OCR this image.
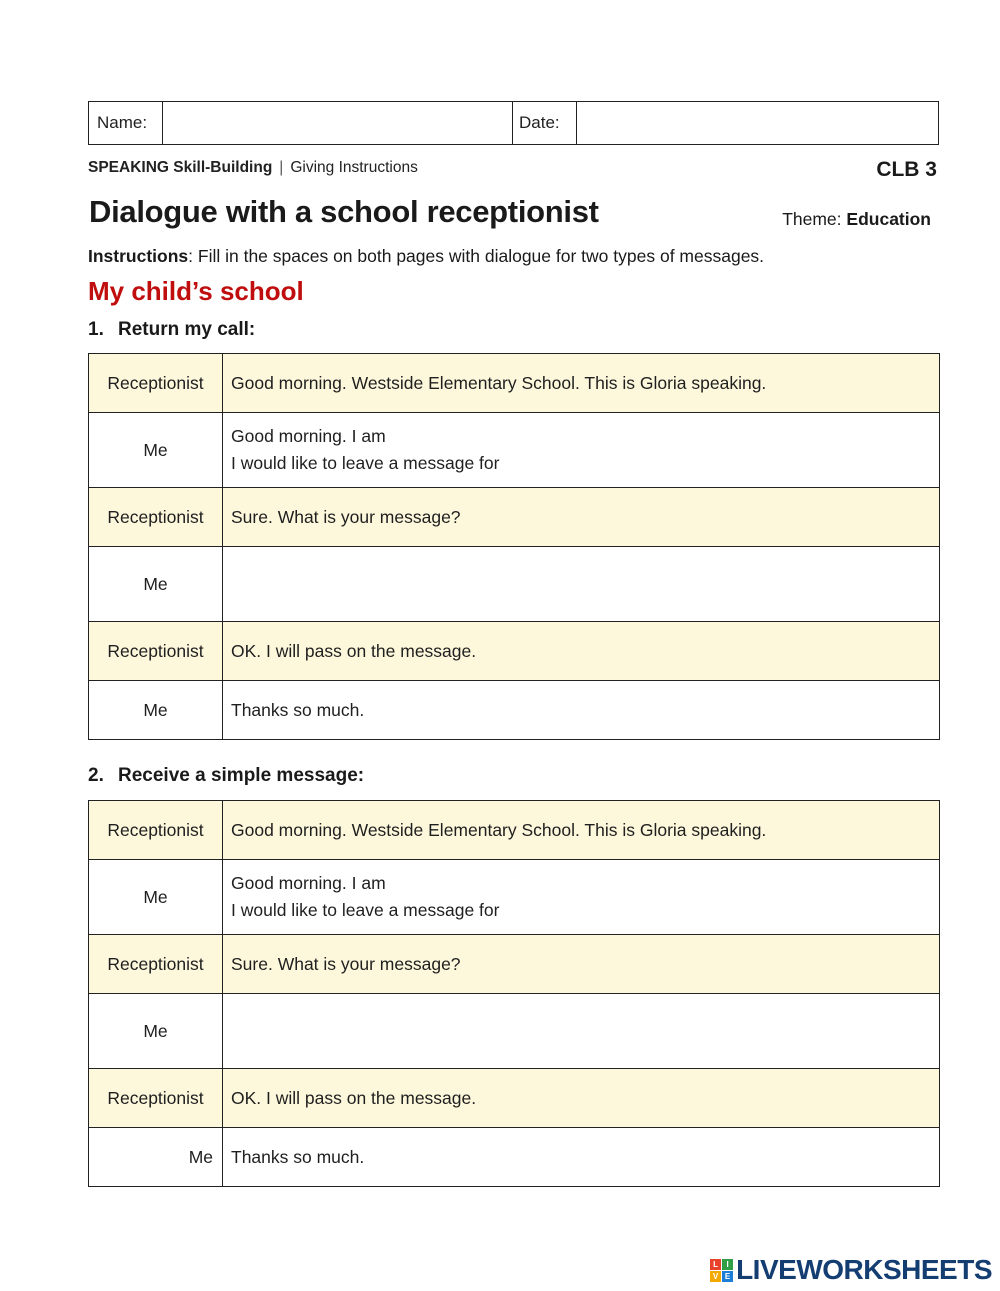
Name:	Date:
SPEAKING Skill-Building | Giving Instructions	CLB 3
Dialogue with a school receptionist	Theme: Education
Instructions: Fill in the spaces on both pages with dialogue for two types of messages.
My child’s school
1. Return my call:
Receptionist	Good morning. Westside Elementary School. This is Gloria speaking.

Me	Good morning. I am
I would like to leave a message for

Receptionist	Sure. What is your message?

Me	

Receptionist	OK. I will pass on the message.

Me	Thanks so much.
2. Receive a simple message:
Receptionist	Good morning. Westside Elementary School. This is Gloria speaking.

Me	Good morning. I am
I would like to leave a message for

Receptionist	Sure. What is your message?

Me	

Receptionist	OK. I will pass on the message.

Me	Thanks so much.
L	I
V E LIVEWORKSHEETS
